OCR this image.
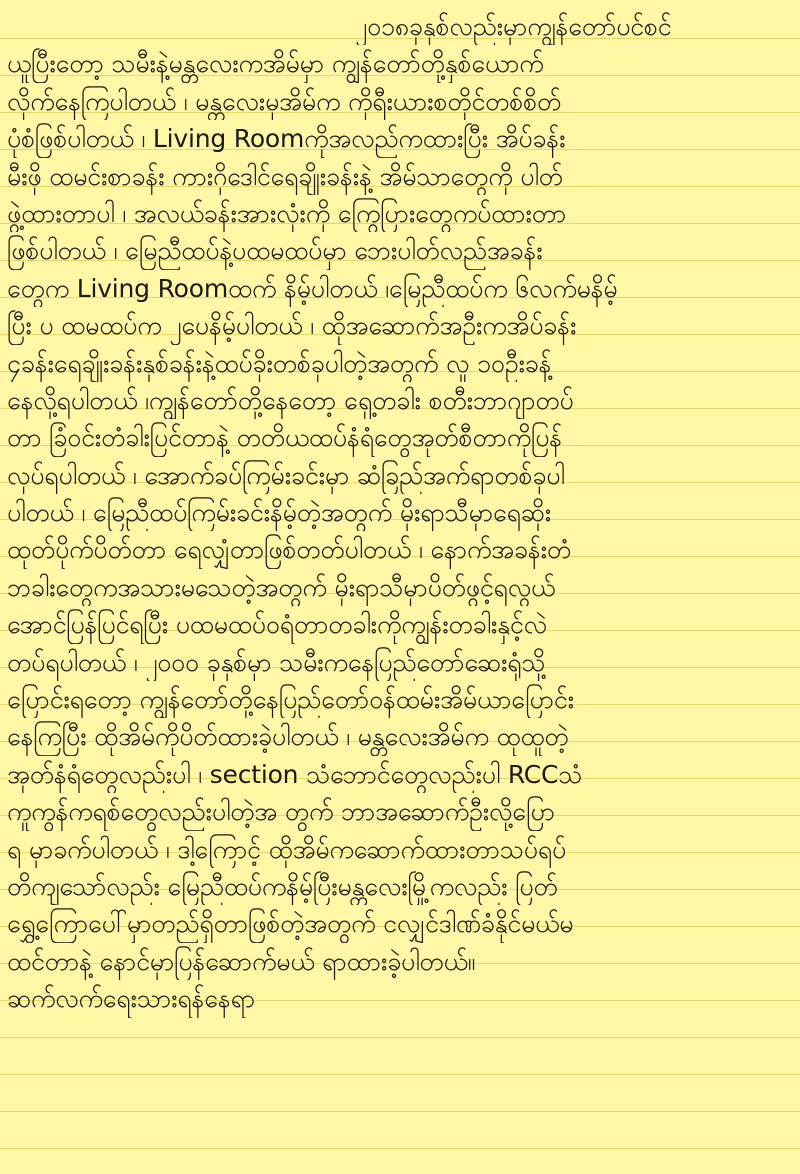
၂၀၁၈ခုနှစ်လည်းမှာကျွန်တော်ပင်စင်
ယူပြီးတော့ သမီးနဲ့မန္တလေးကအိမ်မှာ ကျွန်တော်တို့နှစ်ယောက်
လိုက်နေကြပါတယ် ၊ မန္တလေးမှအိမ်က ကိုရီးယားစတိုင်တစ်စိတ်
ပုံစံဖြစ်ပါတယ် ၊ Living Roomကိုအလည်ကထားပြီး အိပ်ခန်း
မီးဖို ထမင်းစာခန်း ကားဂိုဒေါင်ရေချိုးခန်းနဲ့ အိမ်သာတွေကို ပါတ်
ဖွဲ့ထားတာပါ ၊ အလယ်ခန်းအားလုံးကို ကြွေပြားတွေကပ်ထားတာ
ဖြစ်ပါတယ် ၊ မြေညီထပ်နဲ့ပထမထပ်မှာ ဘေးပါတ်လည်အခန်း
တွေက Living Roomထက် နိမ့်ပါတယ် ၊မြေညီထပ်က ၆လက်မနိမ့်
ပြီး ပ ထမထပ်က ၂ပေနိမ့်ပါတယ် ၊ ထိုအဆောက်အဦးကအိပ်ခန်း
၄ခန်းရေချိုးခန်းနှစ်ခန်းနဲ့ထပ်ခိုးတစ်ခုပါတဲ့အတွက် လူ ၁၀ဦးခန့်
နေလို့ရပါတယ် ၊ကျွန်တော်တို့နေတော့ ရှေ့တခါး စတီးဘာဂျာတပ်
တာ ခြံဝင်းတံခါးပြင်တာနဲ့ တတိယထပ်နံရံတွေအုတ်စီတာကိုပြန်
လုပ်ရပါတယ် ၊ အောက်ခပ်ကြမ်းခင်းမှာ ဆံခြည်အက်ရာတစ်ခုပါ
ပါတယ် ၊ မြေညီထပ်ကြမ်းခင်းနိမ့်တဲ့အတွက် မိုးရာသီမှာရေဆိုး
ထုတ်ပိုက်ပိတ်တာ ရေလျှံတာဖြစ်တတ်ပါတယ် ၊ နောက်အခန်းတံ
ဘခါးတွေကအသားမသေတဲ့အတွက် မိုးရာသီမှာပိတ်ဖွင့်ရလွယ်
အောင်ပြန်ပြင်ရပြီး ပထမထပ်ဝရံတာတခါးကိုကျွန်းတခါးနှင့်လဲ
တပ်ရပါတယ် ၊ ၂၀၀၀ ခုနှစ်မှာ သမီးကနေပြည်တော်ဆေးရုံသို့
ပြောင်းရတော့ ကျွန်တော်တို့နေပြည်တော်ဝန်ထမ်းအိမ်ယာပြောင်း
နေကြပြီး ထိုအိမ်ကိုပိတ်ထားခဲ့ပါတယ် ၊ မန္တလေးအိမ်က ထုထူတဲ့
အုတ်နံရံတွေလည်းပါ ၊ section သံဘောင်တွေလည်းပါ RCCသံ
ကူကွန်ကရစ်တွေလည်းပါတဲ့အ တွက် ဘာအဆောက်ဦးလို့ပြော
ရ မှာခက်ပါတယ် ၊ ဒါ့ကြောင့် ထိုအိမ်ကဆောက်ထားတာသပ်ရပ်
တိကျသော်လည်း မြေညီထပ်ကနိမ့်ပြီးမန္တလေးမြို့ကလည်း ပြတ်
ရွှေ့ကြောပေါ်မှာတည်ရှိတာဖြစ်တဲ့အတွက် ငလျှင်ဒါဏ်ခံနိုင်မယ်မ
ထင်တာနဲ့ နောင်မှာပြန်ဆောက်မယ် ရာထားခဲ့ပါတယ်။
ဆက်လက်ရေးသားရန်နေရာ
